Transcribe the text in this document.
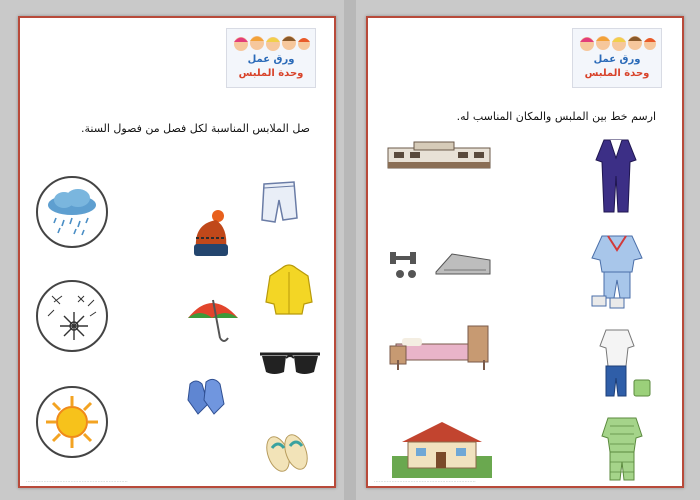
ورق عمل
وحدة الملبس
صل الملابس المناسبة لكل فصل من فصول السنة.
................................................................
ورق عمل
وحدة الملبس
ارسم خط بين الملبس والمكان المناسب له.
................................................................
